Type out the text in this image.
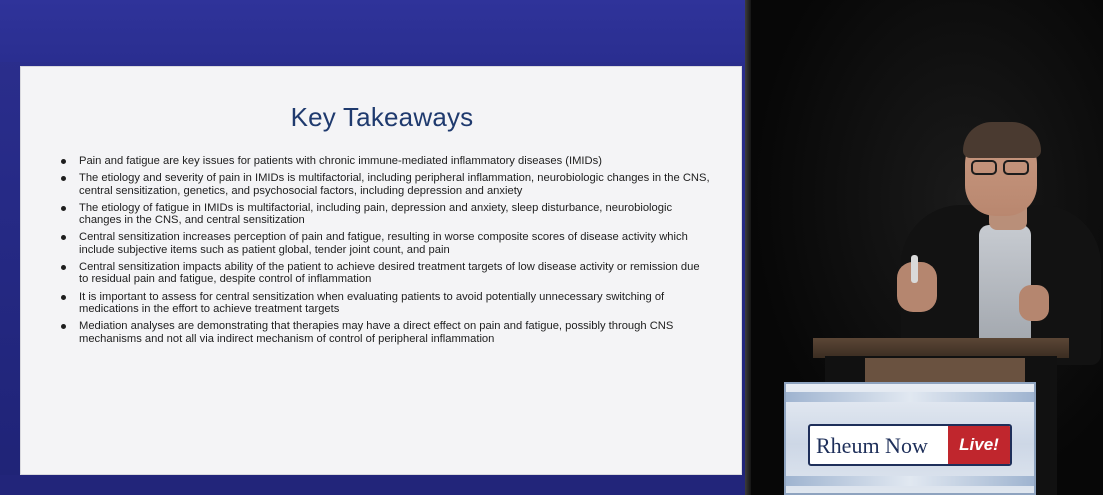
Key Takeaways
Pain and fatigue are key issues for patients with chronic immune-mediated inflammatory diseases (IMIDs)
The etiology and severity of pain in IMIDs is multifactorial, including peripheral inflammation, neurobiologic changes in the CNS, central sensitization, genetics, and psychosocial factors, including depression and anxiety
The etiology of fatigue in IMIDs is multifactorial, including pain, depression and anxiety, sleep disturbance, neurobiologic changes in the CNS, and central sensitization
Central sensitization increases perception of pain and fatigue, resulting in worse composite scores of disease activity which include subjective items such as patient global, tender joint count, and pain
Central sensitization impacts ability of the patient to achieve desired treatment targets of low disease activity or remission due to residual pain and fatigue, despite control of inflammation
It is important to assess for central sensitization when evaluating patients to avoid potentially unnecessary switching of medications in the effort to achieve treatment targets
Mediation analyses are demonstrating that therapies may have a direct effect on pain and fatigue, possibly through CNS mechanisms and not all via indirect mechanism of control of peripheral inflammation
Rheum Now	Live!
